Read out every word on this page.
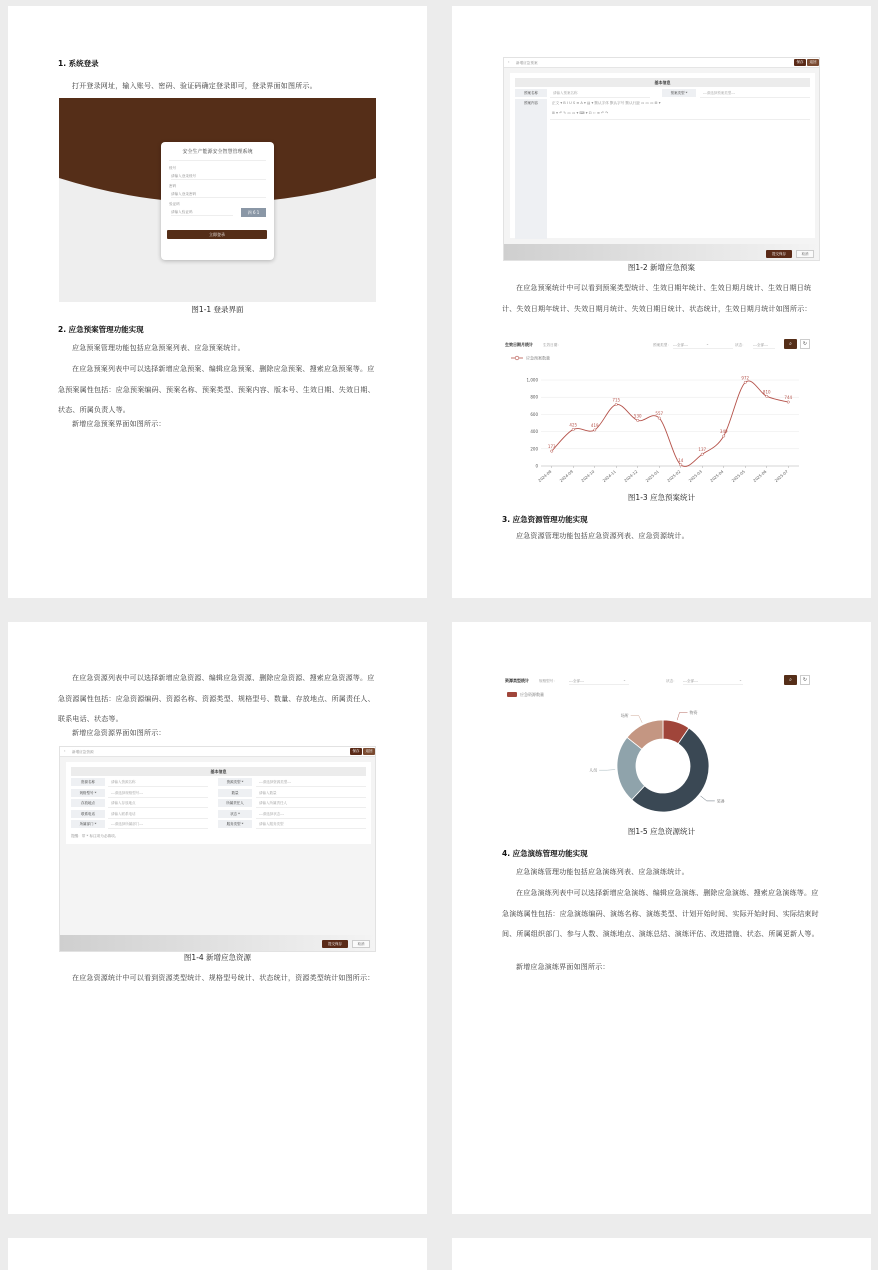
1. 系统登录
打开登录网址，输入账号、密码、验证码确定登录即可，登录界面如图所示。
安全生产能源安全智慧管理系统
账号
请输入登录账号
密码
请输入登录密码
验证码
请输入验证码	四 6 1
立即登录
图1-1 登录界面
2. 应急预案管理功能实现
应急预案管理功能包括应急预案列表、应急预案统计。
在应急预案列表中可以选择新增应急预案、编辑应急预案、删除应急预案、搜索应急预案等。应急预案属性包括：应急预案编码、预案名称、预案类型、预案内容、版本号、生效日期、失效日期、状态、所属负责人等。
新增应急预案界面如图所示：
‹ 新增应急预案	保存	返回
基本信息
预案名称	请输入预案名称	预案类型 *	---请选择预案类型---
预案内容	正文 ▾ B I U S ≡ A ▾ ▤ ▾ 默认字体 默认字号 默认行距 ▭ ▭ ▭ ⊞ ▾
⊞ ▾ ↶ ✎ ▭ ▭ ▾ ⌨ ▾ ⊡ ‹› ≡ ↶ ↷
提交保存	取消
图1-2 新增应急预案
在应急预案统计中可以看到预案类型统计、生效日期年统计、生效日期月统计、生效日期日统计、失效日期年统计、失效日期月统计、失效日期日统计、状态统计，生效日期月统计如图所示：
生效日期月统计	生效日期：	预案类型： ---全部---	⌄	状态： ---全部---	⌕	↻
应急预案数量
0
200
400
600
800
1,000
2024-08 2024-09 2024-10 2024-11 2024-12 2025-01 2025-02 2025-03 2025-04 2025-05 2025-06 2025-07
173
425	419
715
530	557
14
137
349
972
810
744
图1-3 应急预案统计
3. 应急资源管理功能实现
应急资源管理功能包括应急资源列表、应急资源统计。
在应急资源列表中可以选择新增应急资源、编辑应急资源、删除应急资源、搜索应急资源等。应急资源属性包括：应急资源编码、资源名称、资源类型、规格型号、数量、存放地点、所属责任人、联系电话、状态等。
新增应急资源界面如图所示：
‹ 新增应急资源	保存	返回
基本信息
资源名称	请输入资源名称	资源类型 *	---请选择资源类型---
规格型号 *	---请选择规格型号---	数量	请输入数量
存放地点	请输入存放地点	所属责任人	请输入所属责任人
联系电话	请输入联系电话	状态 *	---请选择状态---
所属部门 *	---请选择所属部门---	服务类型 *	请输入服务类型
提醒：带 * 标注项为必填项。
提交保存	取消
图1-4 新增应急资源
在应急资源统计中可以看到资源类型统计、规格型号统计、状态统计，资源类型统计如图所示：
资源类型统计	规格型号：	---全部---	⌄	状态： ---全部---	⌄	⌕	↻
应急资源数量
物资
装备
人员
场所
图1-5 应急资源统计
4. 应急演练管理功能实现
应急演练管理功能包括应急演练列表、应急演练统计。
在应急演练列表中可以选择新增应急演练、编辑应急演练、删除应急演练、搜索应急演练等。应急演练属性包括：应急演练编码、演练名称、演练类型、计划开始时间、实际开始时间、实际结束时间、所属组织部门、参与人数、演练地点、演练总结、演练评估、改进措施、状态、所属更新人等。
新增应急演练界面如图所示：
